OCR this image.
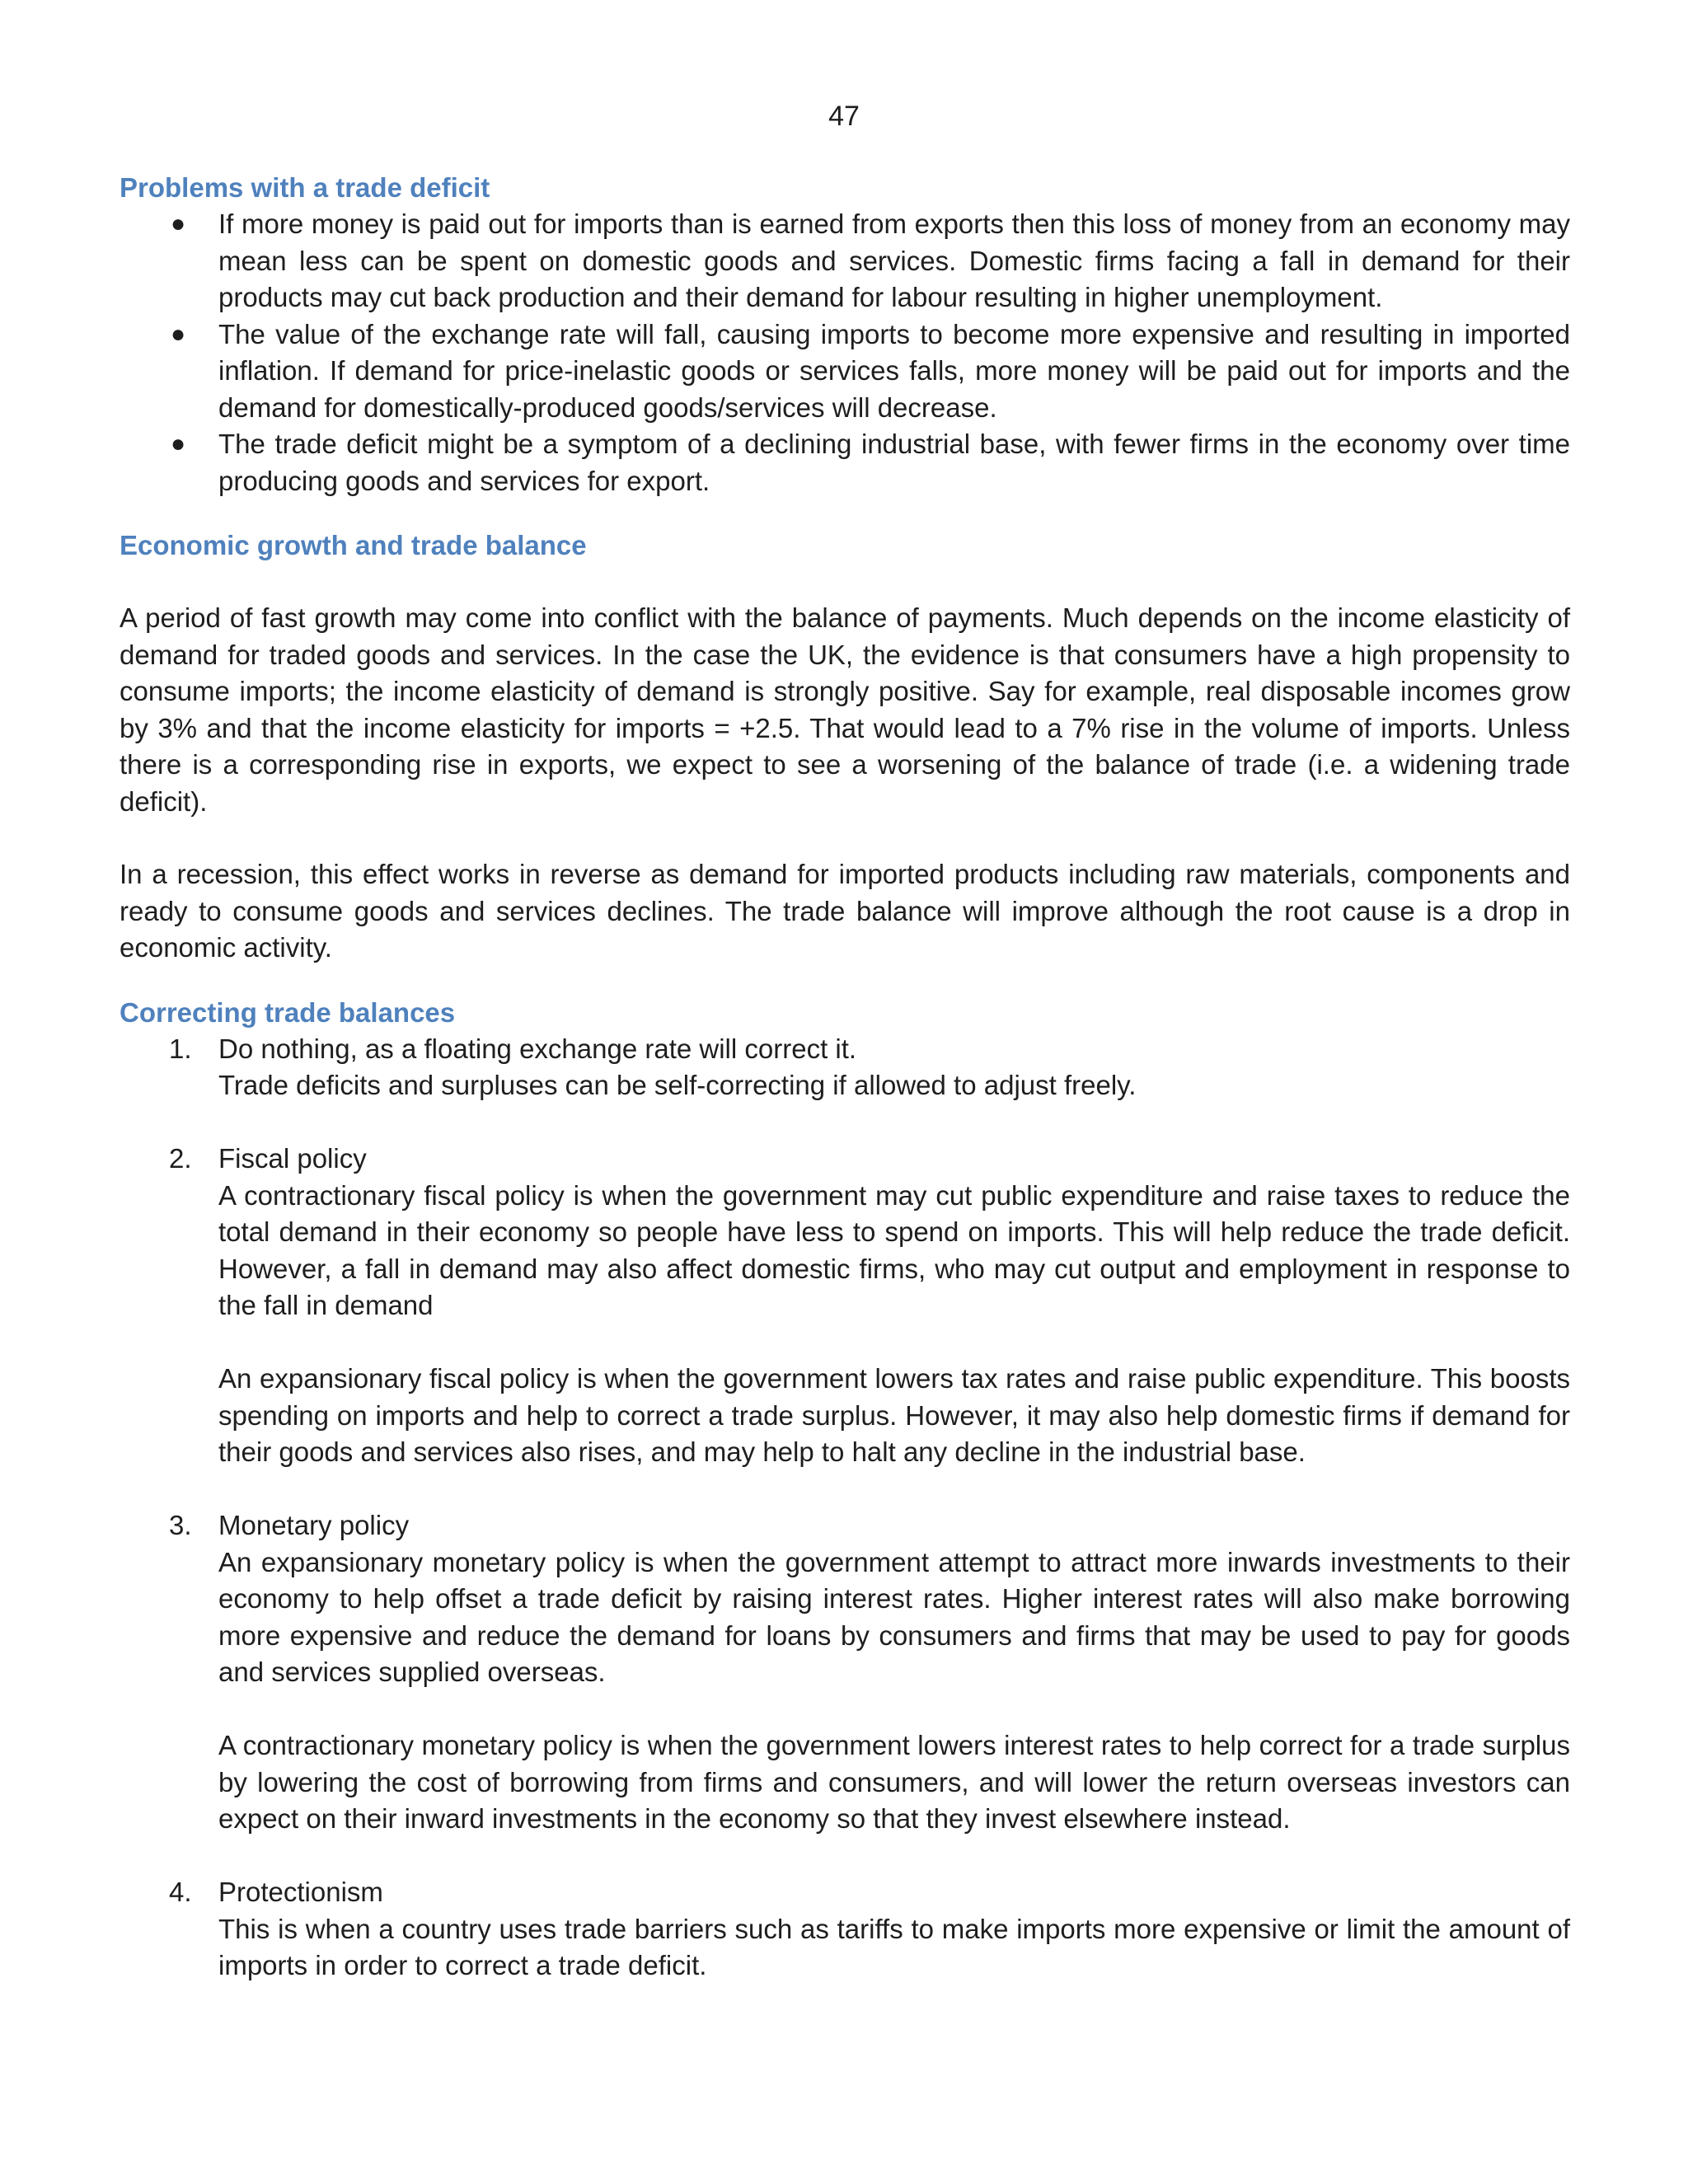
47
Problems with a trade deficit
● If more money is paid out for imports than is earned from exports then this loss of money from an economy may mean less can be spent on domestic goods and services. Domestic firms facing a fall in demand for their products may cut back production and their demand for labour resulting in higher unemployment.
● The value of the exchange rate will fall, causing imports to become more expensive and resulting in imported inflation. If demand for price-inelastic goods or services falls, more money will be paid out for imports and the demand for domestically-produced goods/services will decrease.
● The trade deficit might be a symptom of a declining industrial base, with fewer firms in the economy over time producing goods and services for export.
Economic growth and trade balance

A period of fast growth may come into conflict with the balance of payments. Much depends on the income elasticity of demand for traded goods and services. In the case the UK, the evidence is that consumers have a high propensity to consume imports; the income elasticity of demand is strongly positive. Say for example, real disposable incomes grow by 3% and that the income elasticity for imports = +2.5. That would lead to a 7% rise in the volume of imports. Unless there is a corresponding rise in exports, we expect to see a worsening of the balance of trade (i.e. a widening trade deficit).

In a recession, this effect works in reverse as demand for imported products including raw materials, components and ready to consume goods and services declines. The trade balance will improve although the root cause is a drop in economic activity.

Correcting trade balances
1. Do nothing, as a floating exchange rate will correct it.

Trade deficits and surpluses can be self-correcting if allowed to adjust freely.

2. Fiscal policy

A contractionary fiscal policy is when the government may cut public expenditure and raise taxes to reduce the total demand in their economy so people have less to spend on imports. This will help reduce the trade deficit. However, a fall in demand may also affect domestic firms, who may cut output and employment in response to the fall in demand

An expansionary fiscal policy is when the government lowers tax rates and raise public expenditure. This boosts spending on imports and help to correct a trade surplus. However, it may also help domestic firms if demand for their goods and services also rises, and may help to halt any decline in the industrial base.

3. Monetary policy

An expansionary monetary policy is when the government attempt to attract more inwards investments to their economy to help offset a trade deficit by raising interest rates. Higher interest rates will also make borrowing more expensive and reduce the demand for loans by consumers and firms that may be used to pay for goods and services supplied overseas.

A contractionary monetary policy is when the government lowers interest rates to help correct for a trade surplus by lowering the cost of borrowing from firms and consumers, and will lower the return overseas investors can expect on their inward investments in the economy so that they invest elsewhere instead.

4. Protectionism

This is when a country uses trade barriers such as tariffs to make imports more expensive or limit the amount of imports in order to correct a trade deficit.
